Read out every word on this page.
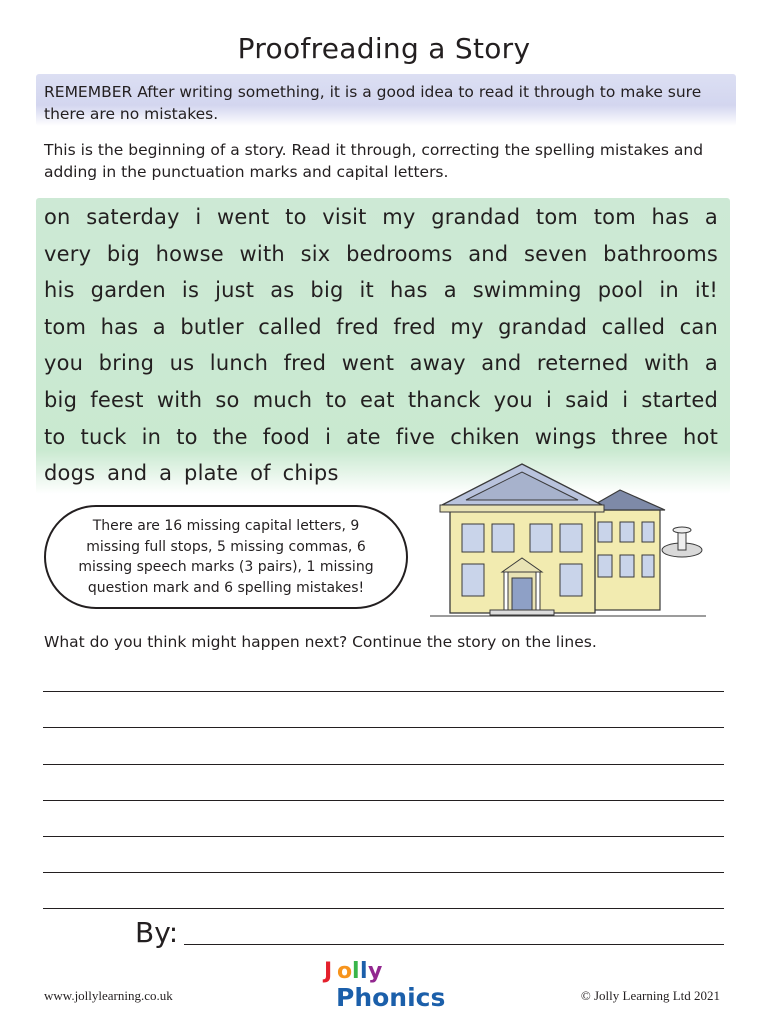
Proofreading a Story
REMEMBER After writing something, it is a good idea to read it through to make sure there are no mistakes.
This is the beginning of a story. Read it through, correcting the spelling mistakes and adding in the punctuation marks and capital letters.
on saterday i went to visit my grandad tom tom has a very big howse with six bedrooms and seven bathrooms his garden is just as big it has a swimming pool in it! tom has a butler called fred fred my grandad called can you bring us lunch fred went away and reterned with a big feest with so much to eat thanck you i said i started to tuck in to the food i ate five chiken wings three hot dogs and a plate of chips
There are 16 missing capital letters, 9 missing full stops, 5 missing commas, 6 missing speech marks (3 pairs), 1 missing question mark and 6 spelling mistakes!
What do you think might happen next? Continue the story on the lines.
By:
www.jollylearning.co.uk
J o l l y
Phonics	© Jolly Learning Ltd 2021
